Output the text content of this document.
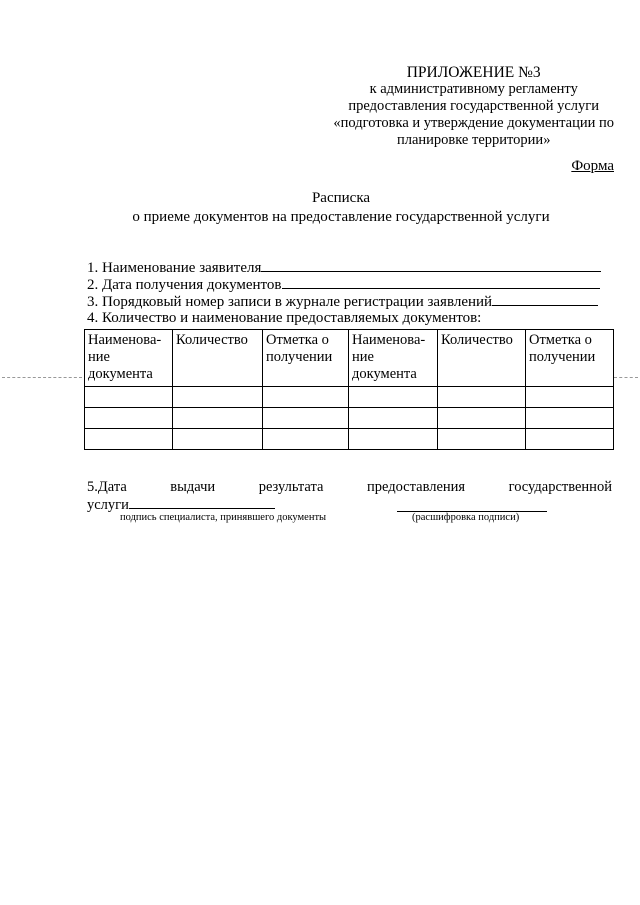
ПРИЛОЖЕНИЕ №3
к административному регламенту
предоставления государственной услуги
«подготовка и утверждение документации по
планировке территории»
Форма
Расписка
о приеме документов на предоставление государственной услуги
1. Наименование заявителя
2. Дата получения документов
3. Порядковый номер записи в журнале регистрации заявлений
4. Количество и наименование предоставляемых документов:
Наименова-ние документа	Количество	Отметка о получении	Наименова-ние документа	Количество	Отметка о получении

5.Дата	выдачи	результата	предоставления	государственной
услуги
подпись специалиста, принявшего документы	(расшифровка подписи)
